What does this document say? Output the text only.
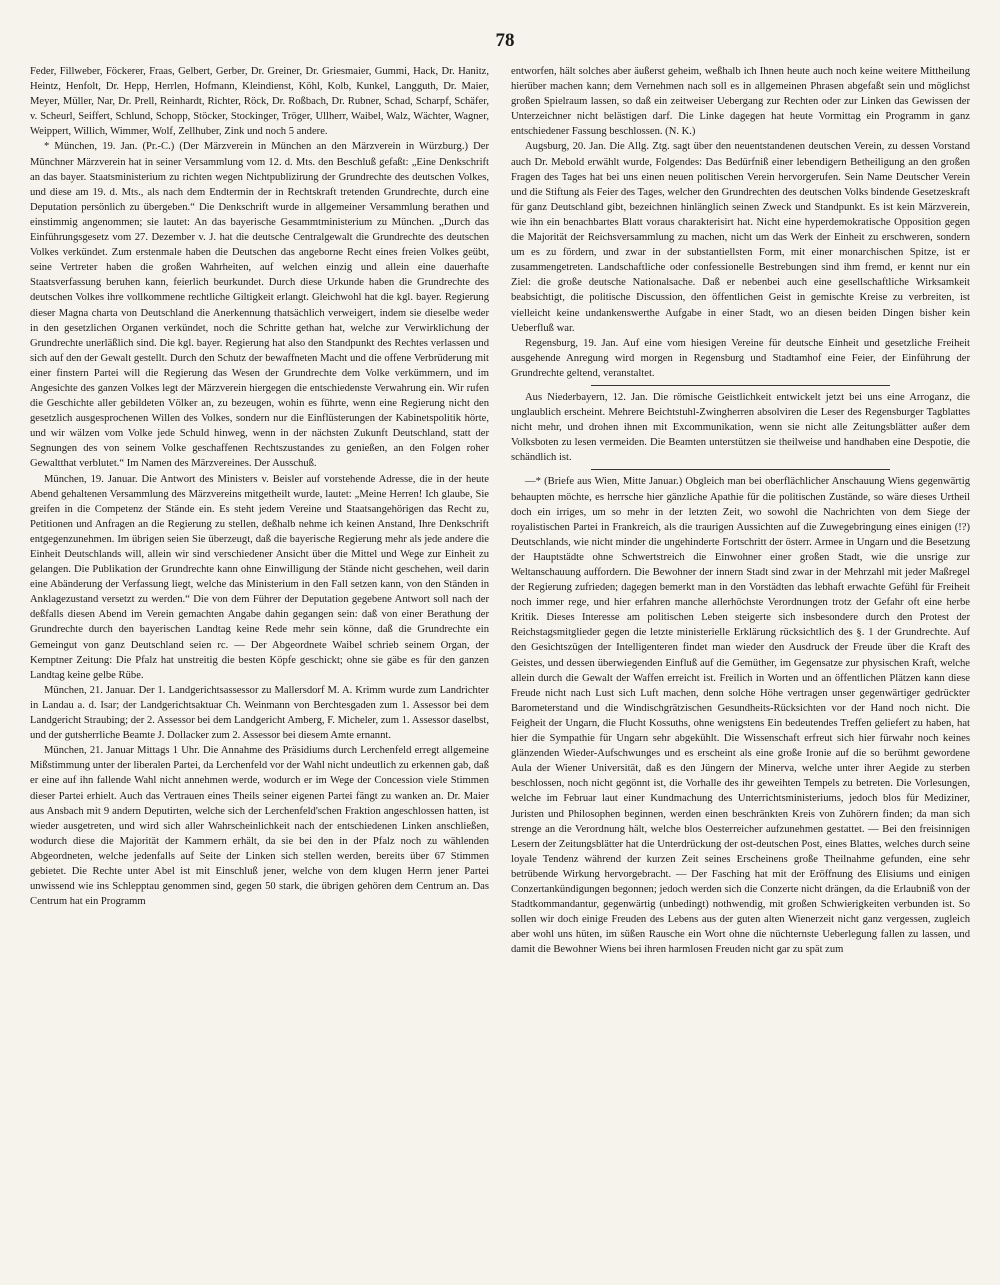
78

Feder, Fillweber, Föckerer, Fraas, Gelbert, Gerber, Dr. Greiner, Dr. Griesmaier, Gummi, Hack, Dr. Hanitz, Heintz, Henfolt, Dr. Hepp, Herrlen, Hofmann, Kleindienst, Köhl, Kolb, Kunkel, Langguth, Dr. Maier, Meyer, Müller, Nar, Dr. Prell, Reinhardt, Richter, Röck, Dr. Roßbach, Dr. Rubner, Schad, Scharpf, Schäfer, v. Scheurl, Seiffert, Schlund, Schopp, Stöcker, Stockinger, Tröger, Ullherr, Waibel, Walz, Wächter, Wagner, Weippert, Willich, Wimmer, Wolf, Zellhuber, Zink und noch 5 andere.

* München, 19. Jan. (Pr.-C.) (Der Märzverein in München an den Märzverein in Würzburg.) Der Münchner Märzverein hat in seiner Versammlung vom 12. d. Mts. den Beschluß gefaßt: „Eine Denkschrift an das bayer. Staatsministerium zu richten wegen Nichtpublizirung der Grundrechte des deutschen Volkes, und diese am 19. d. Mts., als nach dem Endtermin der in Rechtskraft tretenden Grundrechte, durch eine Deputation persönlich zu übergeben.“ Die Denkschrift wurde in allgemeiner Versammlung berathen und einstimmig angenommen; sie lautet: An das bayerische Gesammtministerium zu München. „Durch das Einführungsgesetz vom 27. Dezember v. J. hat die deutsche Centralgewalt die Grundrechte des deutschen Volkes verkündet. Zum erstenmale haben die Deutschen das angeborne Recht eines freien Volkes geübt, seine Vertreter haben die großen Wahrheiten, auf welchen einzig und allein eine dauerhafte Staatsverfassung beruhen kann, feierlich beurkundet. Durch diese Urkunde haben die Grundrechte des deutschen Volkes ihre vollkommene rechtliche Giltigkeit erlangt. Gleichwohl hat die kgl. bayer. Regierung dieser Magna charta von Deutschland die Anerkennung thatsächlich verweigert, indem sie dieselbe weder in den gesetzlichen Organen verkündet, noch die Schritte gethan hat, welche zur Verwirklichung der Grundrechte unerläßlich sind. Die kgl. bayer. Regierung hat also den Standpunkt des Rechtes verlassen und sich auf den der Gewalt gestellt. Durch den Schutz der bewaffneten Macht und die offene Verbrüderung mit einer finstern Partei will die Regierung das Wesen der Grundrechte dem Volke verkümmern, und im Angesichte des ganzen Volkes legt der Märzverein hiergegen die entschiedenste Verwahrung ein. Wir rufen die Geschichte aller gebildeten Völker an, zu bezeugen, wohin es führte, wenn eine Regierung nicht den gesetzlich ausgesprochenen Willen des Volkes, sondern nur die Einflüsterungen der Kabinetspolitik hörte, und wir wälzen vom Volke jede Schuld hinweg, wenn in der nächsten Zukunft Deutschland, statt der Segnungen des von seinem Volke geschaffenen Rechtszustandes zu genießen, an den Folgen roher Gewaltthat verblutet.“ Im Namen des Märzvereines. Der Ausschuß.

München, 19. Januar. Die Antwort des Ministers v. Beisler auf vorstehende Adresse, die in der heute Abend gehaltenen Versammlung des Märzvereins mitgetheilt wurde, lautet: „Meine Herren! Ich glaube, Sie greifen in die Competenz der Stände ein. Es steht jedem Vereine und Staatsangehörigen das Recht zu, Petitionen und Anfragen an die Regierung zu stellen, deßhalb nehme ich keinen Anstand, Ihre Denkschrift entgegenzunehmen. Im übrigen seien Sie überzeugt, daß die bayerische Regierung mehr als jede andere die Einheit Deutschlands will, allein wir sind verschiedener Ansicht über die Mittel und Wege zur Einheit zu gelangen. Die Publikation der Grundrechte kann ohne Einwilligung der Stände nicht geschehen, weil darin eine Abänderung der Verfassung liegt, welche das Ministerium in den Fall setzen kann, von den Ständen in Anklagezustand versetzt zu werden.“ Die von dem Führer der Deputation gegebene Antwort soll nach der deßfalls diesen Abend im Verein gemachten Angabe dahin gegangen sein: daß von einer Berathung der Grundrechte durch den bayerischen Landtag keine Rede mehr sein könne, daß die Grundrechte ein Gemeingut von ganz Deutschland seien rc. — Der Abgeordnete Waibel schrieb seinem Organ, der Kemptner Zeitung: Die Pfalz hat unstreitig die besten Köpfe geschickt; ohne sie gäbe es für den ganzen Landtag keine gelbe Rübe.

München, 21. Januar. Der 1. Landgerichtsassessor zu Mallersdorf M. A. Krimm wurde zum Landrichter in Landau a. d. Isar; der Landgerichtsaktuar Ch. Weinmann von Berchtesgaden zum 1. Assessor bei dem Landgericht Straubing; der 2. Assessor bei dem Landgericht Amberg, F. Micheler, zum 1. Assessor daselbst, und der gutsherrliche Beamte J. Dollacker zum 2. Assessor bei diesem Amte ernannt.

München, 21. Januar Mittags 1 Uhr. Die Annahme des Präsidiums durch Lerchenfeld erregt allgemeine Mißstimmung unter der liberalen Partei, da Lerchenfeld vor der Wahl nicht undeutlich zu erkennen gab, daß er eine auf ihn fallende Wahl nicht annehmen werde, wodurch er im Wege der Concession viele Stimmen dieser Partei erhielt. Auch das Vertrauen eines Theils seiner eigenen Partei fängt zu wanken an. Dr. Maier aus Ansbach mit 9 andern Deputirten, welche sich der Lerchenfeld'schen Fraktion angeschlossen hatten, ist wieder ausgetreten, und wird sich aller Wahrscheinlichkeit nach der entschiedenen Linken anschließen, wodurch diese die Majorität der Kammern erhält, da sie bei den in der Pfalz noch zu wählenden Abgeordneten, welche jedenfalls auf Seite der Linken sich stellen werden, bereits über 67 Stimmen gebietet. Die Rechte unter Abel ist mit Einschluß jener, welche von dem klugen Herrn jener Partei unwissend wie ins Schlepptau genommen sind, gegen 50 stark, die übrigen gehören dem Centrum an. Das Centrum hat ein Programm

entworfen, hält solches aber äußerst geheim, weßhalb ich Ihnen heute auch noch keine weitere Mittheilung hierüber machen kann; dem Vernehmen nach soll es in allgemeinen Phrasen abgefaßt sein und möglichst großen Spielraum lassen, so daß ein zeitweiser Uebergang zur Rechten oder zur Linken das Gewissen der Unterzeichner nicht belästigen darf. Die Linke dagegen hat heute Vormittag ein Programm in ganz entschiedener Fassung beschlossen. (N. K.)

Augsburg, 20. Jan. Die Allg. Ztg. sagt über den neuentstandenen deutschen Verein, zu dessen Vorstand auch Dr. Mebold erwählt wurde, Folgendes: Das Bedürfniß einer lebendigern Betheiligung an den großen Fragen des Tages hat bei uns einen neuen politischen Verein hervorgerufen. Sein Name Deutscher Verein und die Stiftung als Feier des Tages, welcher den Grundrechten des deutschen Volks bindende Gesetzeskraft für ganz Deutschland gibt, bezeichnen hinlänglich seinen Zweck und Standpunkt. Es ist kein Märzverein, wie ihn ein benachbartes Blatt voraus charakterisirt hat. Nicht eine hyperdemokratische Opposition gegen die Majorität der Reichsversammlung zu machen, nicht um das Werk der Einheit zu erschweren, sondern um es zu fördern, und zwar in der substantiellsten Form, mit einer monarchischen Spitze, ist er zusammengetreten. Landschaftliche oder confessionelle Bestrebungen sind ihm fremd, er kennt nur ein Ziel: die große deutsche Nationalsache. Daß er nebenbei auch eine gesellschaftliche Wirksamkeit beabsichtigt, die politische Discussion, den öffentlichen Geist in gemischte Kreise zu verbreiten, ist vielleicht keine undankenswerthe Aufgabe in einer Stadt, wo an diesen beiden Dingen bisher kein Ueberfluß war.

Regensburg, 19. Jan. Auf eine vom hiesigen Vereine für deutsche Einheit und gesetzliche Freiheit ausgehende Anregung wird morgen in Regensburg und Stadtamhof eine Feier, der Einführung der Grundrechte geltend, veranstaltet.

Aus Niederbayern, 12. Jan. Die römische Geistlichkeit entwickelt jetzt bei uns eine Arroganz, die unglaublich erscheint. Mehrere Beichtstuhl-Zwingherren absolviren die Leser des Regensburger Tagblattes nicht mehr, und drohen ihnen mit Excommunikation, wenn sie nicht alle Zeitungsblätter außer dem Volksboten zu lesen vermeiden. Die Beamten unterstützen sie theilweise und handhaben eine Despotie, die schändlich ist.

—* (Briefe aus Wien, Mitte Januar.) Obgleich man bei oberflächlicher Anschauung Wiens gegenwärtig behaupten möchte, es herrsche hier gänzliche Apathie für die politischen Zustände, so wäre dieses Urtheil doch ein irriges, um so mehr in der letzten Zeit, wo sowohl die Nachrichten von dem Siege der royalistischen Partei in Frankreich, als die traurigen Aussichten auf die Zuwegebringung eines einigen (!?) Deutschlands, wie nicht minder die ungehinderte Fortschritt der österr. Armee in Ungarn und die Besetzung der Hauptstädte ohne Schwertstreich die Einwohner einer großen Stadt, wie die unsrige zur Weltanschauung auffordern. Die Bewohner der innern Stadt sind zwar in der Mehrzahl mit jeder Maßregel der Regierung zufrieden; dagegen bemerkt man in den Vorstädten das lebhaft erwachte Gefühl für Freiheit noch immer rege, und hier erfahren manche allerhöchste Verordnungen trotz der Gefahr oft eine herbe Kritik. Dieses Interesse am politischen Leben steigerte sich insbesondere durch den Protest der Reichstagsmitglieder gegen die letzte ministerielle Erklärung rücksichtlich des §. 1 der Grundrechte. Auf den Gesichtszügen der Intelligenteren findet man wieder den Ausdruck der Freude über die Kraft des Geistes, und dessen überwiegenden Einfluß auf die Gemüther, im Gegensatze zur physischen Kraft, welche allein durch die Gewalt der Waffen erreicht ist. Freilich in Worten und an öffentlichen Plätzen kann diese Freude nicht nach Lust sich Luft machen, denn solche Höhe vertragen unser gegenwärtiger gedrückter Barometerstand und die Windischgrätzischen Gesundheits-Rücksichten vor der Hand noch nicht. Die Feigheit der Ungarn, die Flucht Kossuths, ohne wenigstens Ein bedeutendes Treffen geliefert zu haben, hat hier die Sympathie für Ungarn sehr abgekühlt. Die Wissenschaft erfreut sich hier fürwahr noch keines glänzenden Wieder-Aufschwunges und es erscheint als eine große Ironie auf die so berühmt gewordene Aula der Wiener Universität, daß es den Jüngern der Minerva, welche unter ihrer Aegide zu sterben beschlossen, noch nicht gegönnt ist, die Vorhalle des ihr geweihten Tempels zu betreten. Die Vorlesungen, welche im Februar laut einer Kundmachung des Unterrichtsministeriums, jedoch blos für Mediziner, Juristen und Philosophen beginnen, werden einen beschränkten Kreis von Zuhörern finden; da man sich strenge an die Verordnung hält, welche blos Oesterreicher aufzunehmen gestattet. — Bei den freisinnigen Lesern der Zeitungsblätter hat die Unterdrückung der ost-deutschen Post, eines Blattes, welches durch seine loyale Tendenz während der kurzen Zeit seines Erscheinens große Theilnahme gefunden, eine sehr betrübende Wirkung hervorgebracht. — Der Fasching hat mit der Eröffnung des Elisiums und einigen Conzertankündigungen begonnen; jedoch werden sich die Conzerte nicht drängen, da die Erlaubniß von der Stadtkommandantur, gegenwärtig (unbedingt) nothwendig, mit großen Schwierigkeiten verbunden ist. So sollen wir doch einige Freuden des Lebens aus der guten alten Wienerzeit nicht ganz vergessen, zugleich aber wohl uns hüten, im süßen Rausche ein Wort ohne die nüchternste Ueberlegung fallen zu lassen, und damit die Bewohner Wiens bei ihren harmlosen Freuden nicht gar zu spät zum
